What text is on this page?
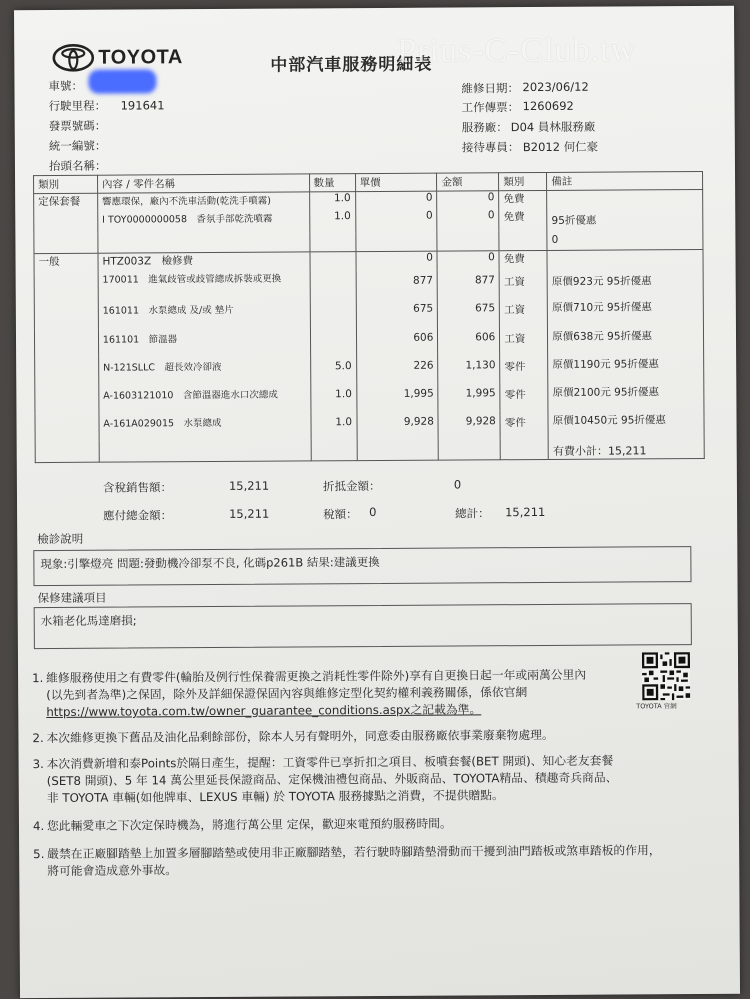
TOYOTA	中部汽車服務明細表
Prius-C-Club.tw
車號：
行駛里程： 191641
發票號碼：
統一編號：
抬頭名稱：
維修日期： 2023/06/12
工作傳票： 1260692
服務廠： D04 員林服務廠
接待專員： B2012 何仁豪
類別	內容 / 零件名稱	數量	單價	金額	類別	備註
定保套餐	響應環保，廠內不洗車活動(乾洗手噴霧)	1.0	0	0	免費	
	I TOY0000000058　香氛手部乾洗噴霧	1.0	0	0	免費	95折優惠
						0
一般	HTZ003Z　檢修費		0	0	免費	
	170011　進氣歧管或歧管總成拆裝或更換		877	877	工資	原價923元 95折優惠
	161011　水泵總成 及/或 墊片		675	675	工資	原價710元 95折優惠
	161101　節溫器		606	606	工資	原價638元 95折優惠
	N-121SLLC　超長效冷卻液	5.0	226	1,130	零件	原價1190元 95折優惠
	A-1603121010　含節溫器進水口次總成	1.0	1,995	1,995	零件	原價2100元 95折優惠
	A-161A029015　水泵總成	1.0	9,928	9,928	零件	原價10450元 95折優惠
						有費小計：15,211
含稅銷售額：	15,211	折抵金額：	0
應付總金額：	15,211	稅額： 0	總計： 15,211
檢診說明
現象:引擎燈亮 問題:發動機冷卻泵不良, 化碼p261B 結果:建議更換
保修建議項目
水箱老化馬達磨損;
TOYOTA 官網
1. 維修服務使用之有費零件(輪胎及例行性保養需更換之消耗性零件除外)享有自更換日起一年或兩萬公里內
(以先到者為準)之保固，除外及詳細保證保固內容與維修定型化契約權利義務關係，係依官網
https://www.toyota.com.tw/owner_guarantee_conditions.aspx之記載為準。
2. 本次維修更換下舊品及油化品剩餘部份，除本人另有聲明外，同意委由服務廠依事業廢棄物處理。
3. 本次消費新增和泰Points於隔日產生，提醒：工資零件已享折扣之項目、板噴套餐(BET 開頭)、知心老友套餐
(SET8 開頭)、5 年 14 萬公里延長保證商品、定保機油禮包商品、外販商品、TOYOTA精品、積趣奇兵商品、
非 TOYOTA 車輛(如他牌車、LEXUS 車輛) 於 TOYOTA 服務據點之消費，不提供贈點。
4. 您此輛愛車之下次定保時機為，將進行萬公里 定保，歡迎來電預約服務時間。
5. 嚴禁在正廠腳踏墊上加置多層腳踏墊或使用非正廠腳踏墊，若行駛時腳踏墊滑動而干擾到油門踏板或煞車踏板的作用，
將可能會造成意外事故。
